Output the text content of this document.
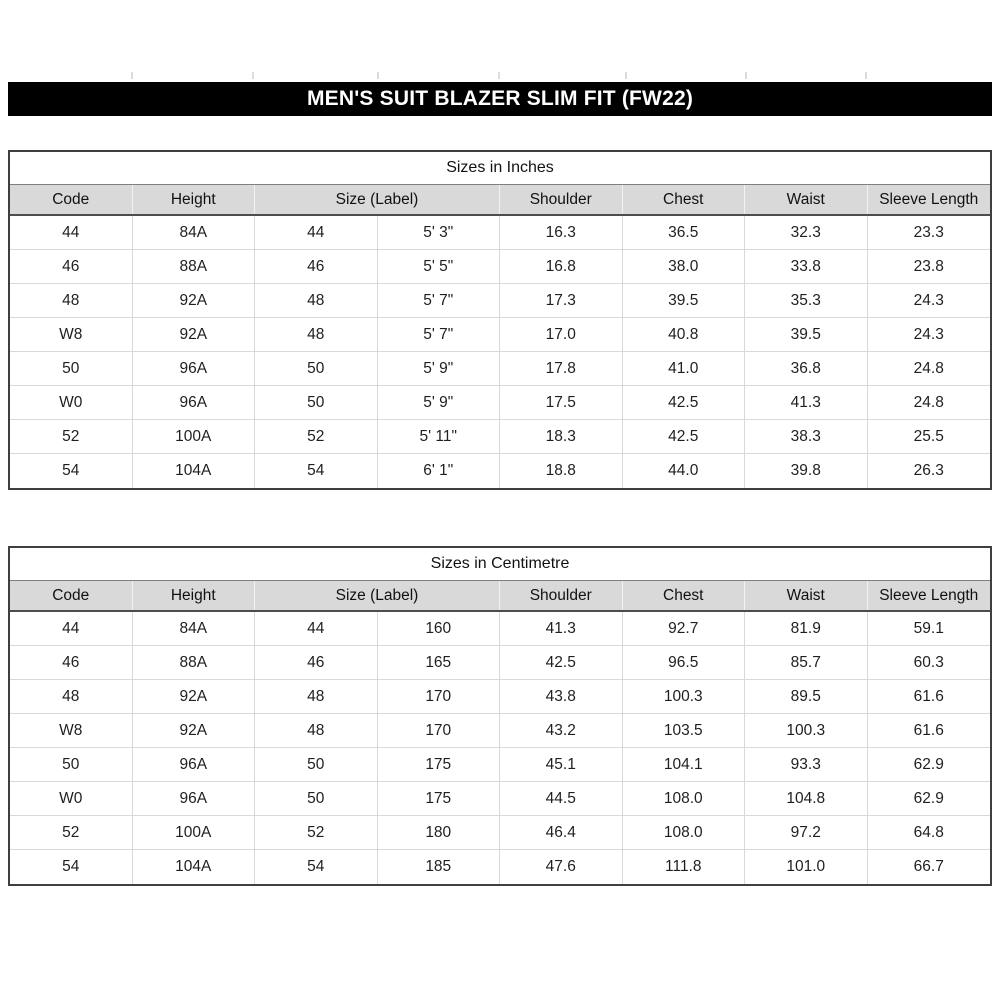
MEN'S SUIT BLAZER SLIM FIT (FW22)
Sizes in Inches
Code	Height	Size (Label)	Shoulder	Chest	Waist	Sleeve Length
44	84A	44	5' 3"	16.3	36.5	32.3	23.3
46	88A	46	5' 5"	16.8	38.0	33.8	23.8
48	92A	48	5' 7"	17.3	39.5	35.3	24.3
W8	92A	48	5' 7"	17.0	40.8	39.5	24.3
50	96A	50	5' 9"	17.8	41.0	36.8	24.8
W0	96A	50	5' 9"	17.5	42.5	41.3	24.8
52	100A	52	5' 11"	18.3	42.5	38.3	25.5
54	104A	54	6' 1"	18.8	44.0	39.8	26.3
Sizes in Centimetre
Code	Height	Size (Label)	Shoulder	Chest	Waist	Sleeve Length
44	84A	44	160	41.3	92.7	81.9	59.1
46	88A	46	165	42.5	96.5	85.7	60.3
48	92A	48	170	43.8	100.3	89.5	61.6
W8	92A	48	170	43.2	103.5	100.3	61.6
50	96A	50	175	45.1	104.1	93.3	62.9
W0	96A	50	175	44.5	108.0	104.8	62.9
52	100A	52	180	46.4	108.0	97.2	64.8
54	104A	54	185	47.6	111.8	101.0	66.7
